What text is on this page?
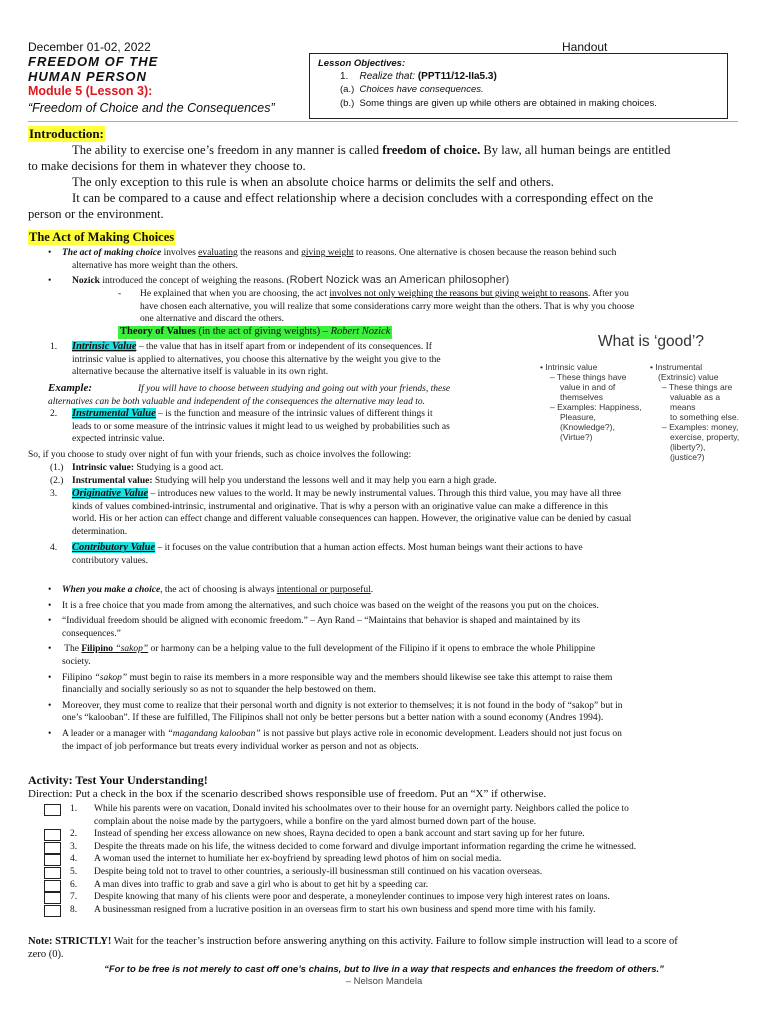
December 01-02, 2022	Handout
FREEDOM OF THE
HUMAN PERSON
Module 5 (Lesson 3):
“Freedom of Choice and the Consequences”
Lesson Objectives:
1. Realize that: (PPT11/12-IIa5.3)
(a.) Choices have consequences.
(b.) Some things are given up while others are obtained in making choices.
Introduction:
The ability to exercise one’s freedom in any manner is called freedom of choice. By law, all human beings are entitled
to make decisions for them in whatever they choose to.
The only exception to this rule is when an absolute choice harms or delimits the self and others.
It can be compared to a cause and effect relationship where a decision concludes with a corresponding effect on the
person or the environment.
The Act of Making Choices
• The act of making choice involves evaluating the reasons and giving weight to reasons. One alternative is chosen because the reason behind such
alternative has more weight than the others.
• Nozick introduced the concept of weighing the reasons. (Robert Nozick was an American philosopher)
-	He explained that when you are choosing, the act involves not only weighing the reasons but giving weight to reasons. After you
have chosen each alternative, you will realize that some considerations carry more weight than the others. That is why you choose
one alternative and discard the others.
Theory of Values (in the act of giving weights) – Robert Nozick
1. Intrinsic Value – the value that has in itself apart from or independent of its consequences. If
intrinsic value is applied to alternatives, you choose this alternative by the weight you give to the
alternative because the alternative itself is valuable in its own right.
Example:	If you will have to choose between studying and going out with your friends, these
alternatives can be both valuable and independent of the consequences the alternative may lead to.
2. Instrumental Value – is the function and measure of the intrinsic values of different things it
leads to or some measure of the intrinsic values it might lead to us weighed by probabilities such as
expected intrinsic value.
What is ‘good’?
• Intrinsic value
– These things have
value in and of
themselves
– Examples: Happiness,
Pleasure,
(Knowledge?),
(Virtue?)
• Instrumental
(Extrinsic) value
– These things are
valuable as a means
to something else.
– Examples: money,
exercise, property,
(liberty?), (justice?)
So, if you choose to study over night of fun with your friends, such as choice involves the following:
(1.) Intrinsic value: Studying is a good act.
(2.) Instrumental value: Studying will help you understand the lessons well and it may help you earn a high grade.
3. Originative Value – introduces new values to the world. It may be newly instrumental values. Through this third value, you may have all three
kinds of values combined-intrinsic, instrumental and originative. That is why a person with an originative value can make a difference in this
world. His or her action can effect change and different valuable consequences can happen. However, the originative value can be denied by casual
determination.
4. Contributory Value – it focuses on the value contribution that a human action effects. Most human beings want their actions to have
contributory values.
• When you make a choice, the act of choosing is always intentional or purposeful.
• It is a free choice that you made from among the alternatives, and such choice was based on the weight of the reasons you put on the choices.
• “Individual freedom should be aligned with economic freedom.” – Ayn Rand – “Maintains that behavior is shaped and maintained by its
consequences.”
• The Filipino “sakop” or harmony can be a helping value to the full development of the Filipino if it opens to embrace the whole Philippine
society.
• Filipino “sakop” must begin to raise its members in a more responsible way and the members should likewise see take this attempt to raise them
financially and socially seriously so as not to squander the help bestowed on them.
• Moreover, they must come to realize that their personal worth and dignity is not exterior to themselves; it is not found in the body of “sakop” but in
one’s “kalooban”. If these are fulfilled, The Filipinos shall not only be better persons but a better nation with a sound economy (Andres 1994).
• A leader or a manager with “magandang kalooban” is not passive but plays active role in economic development. Leaders should not just focus on
the impact of job performance but treats every individual worker as person and not as objects.
Activity: Test Your Understanding!
Direction: Put a check in the box if the scenario described shows responsible use of freedom. Put an “X” if otherwise.
1. While his parents were on vacation, Donald invited his schoolmates over to their house for an overnight party. Neighbors called the police to
complain about the noise made by the partygoers, while a bonfire on the yard almost burned down part of the house.
2. Instead of spending her excess allowance on new shoes, Rayna decided to open a bank account and start saving up for her future.
3. Despite the threats made on his life, the witness decided to come forward and divulge important information regarding the crime he witnessed.
4. A woman used the internet to humiliate her ex-boyfriend by spreading lewd photos of him on social media.
5. Despite being told not to travel to other countries, a seriously-ill businessman still continued on his vacation overseas.
6. A man dives into traffic to grab and save a girl who is about to get hit by a speeding car.
7. Despite knowing that many of his clients were poor and desperate, a moneylender continues to impose very high interest rates on loans.
8. A businessman resigned from a lucrative position in an overseas firm to start his own business and spend more time with his family.
Note: STRICTLY! Wait for the teacher’s instruction before answering anything on this activity. Failure to follow simple instruction will lead to a score of
zero (0).
“For to be free is not merely to cast off one’s chains, but to live in a way that respects and enhances the freedom of others.”
– Nelson Mandela
